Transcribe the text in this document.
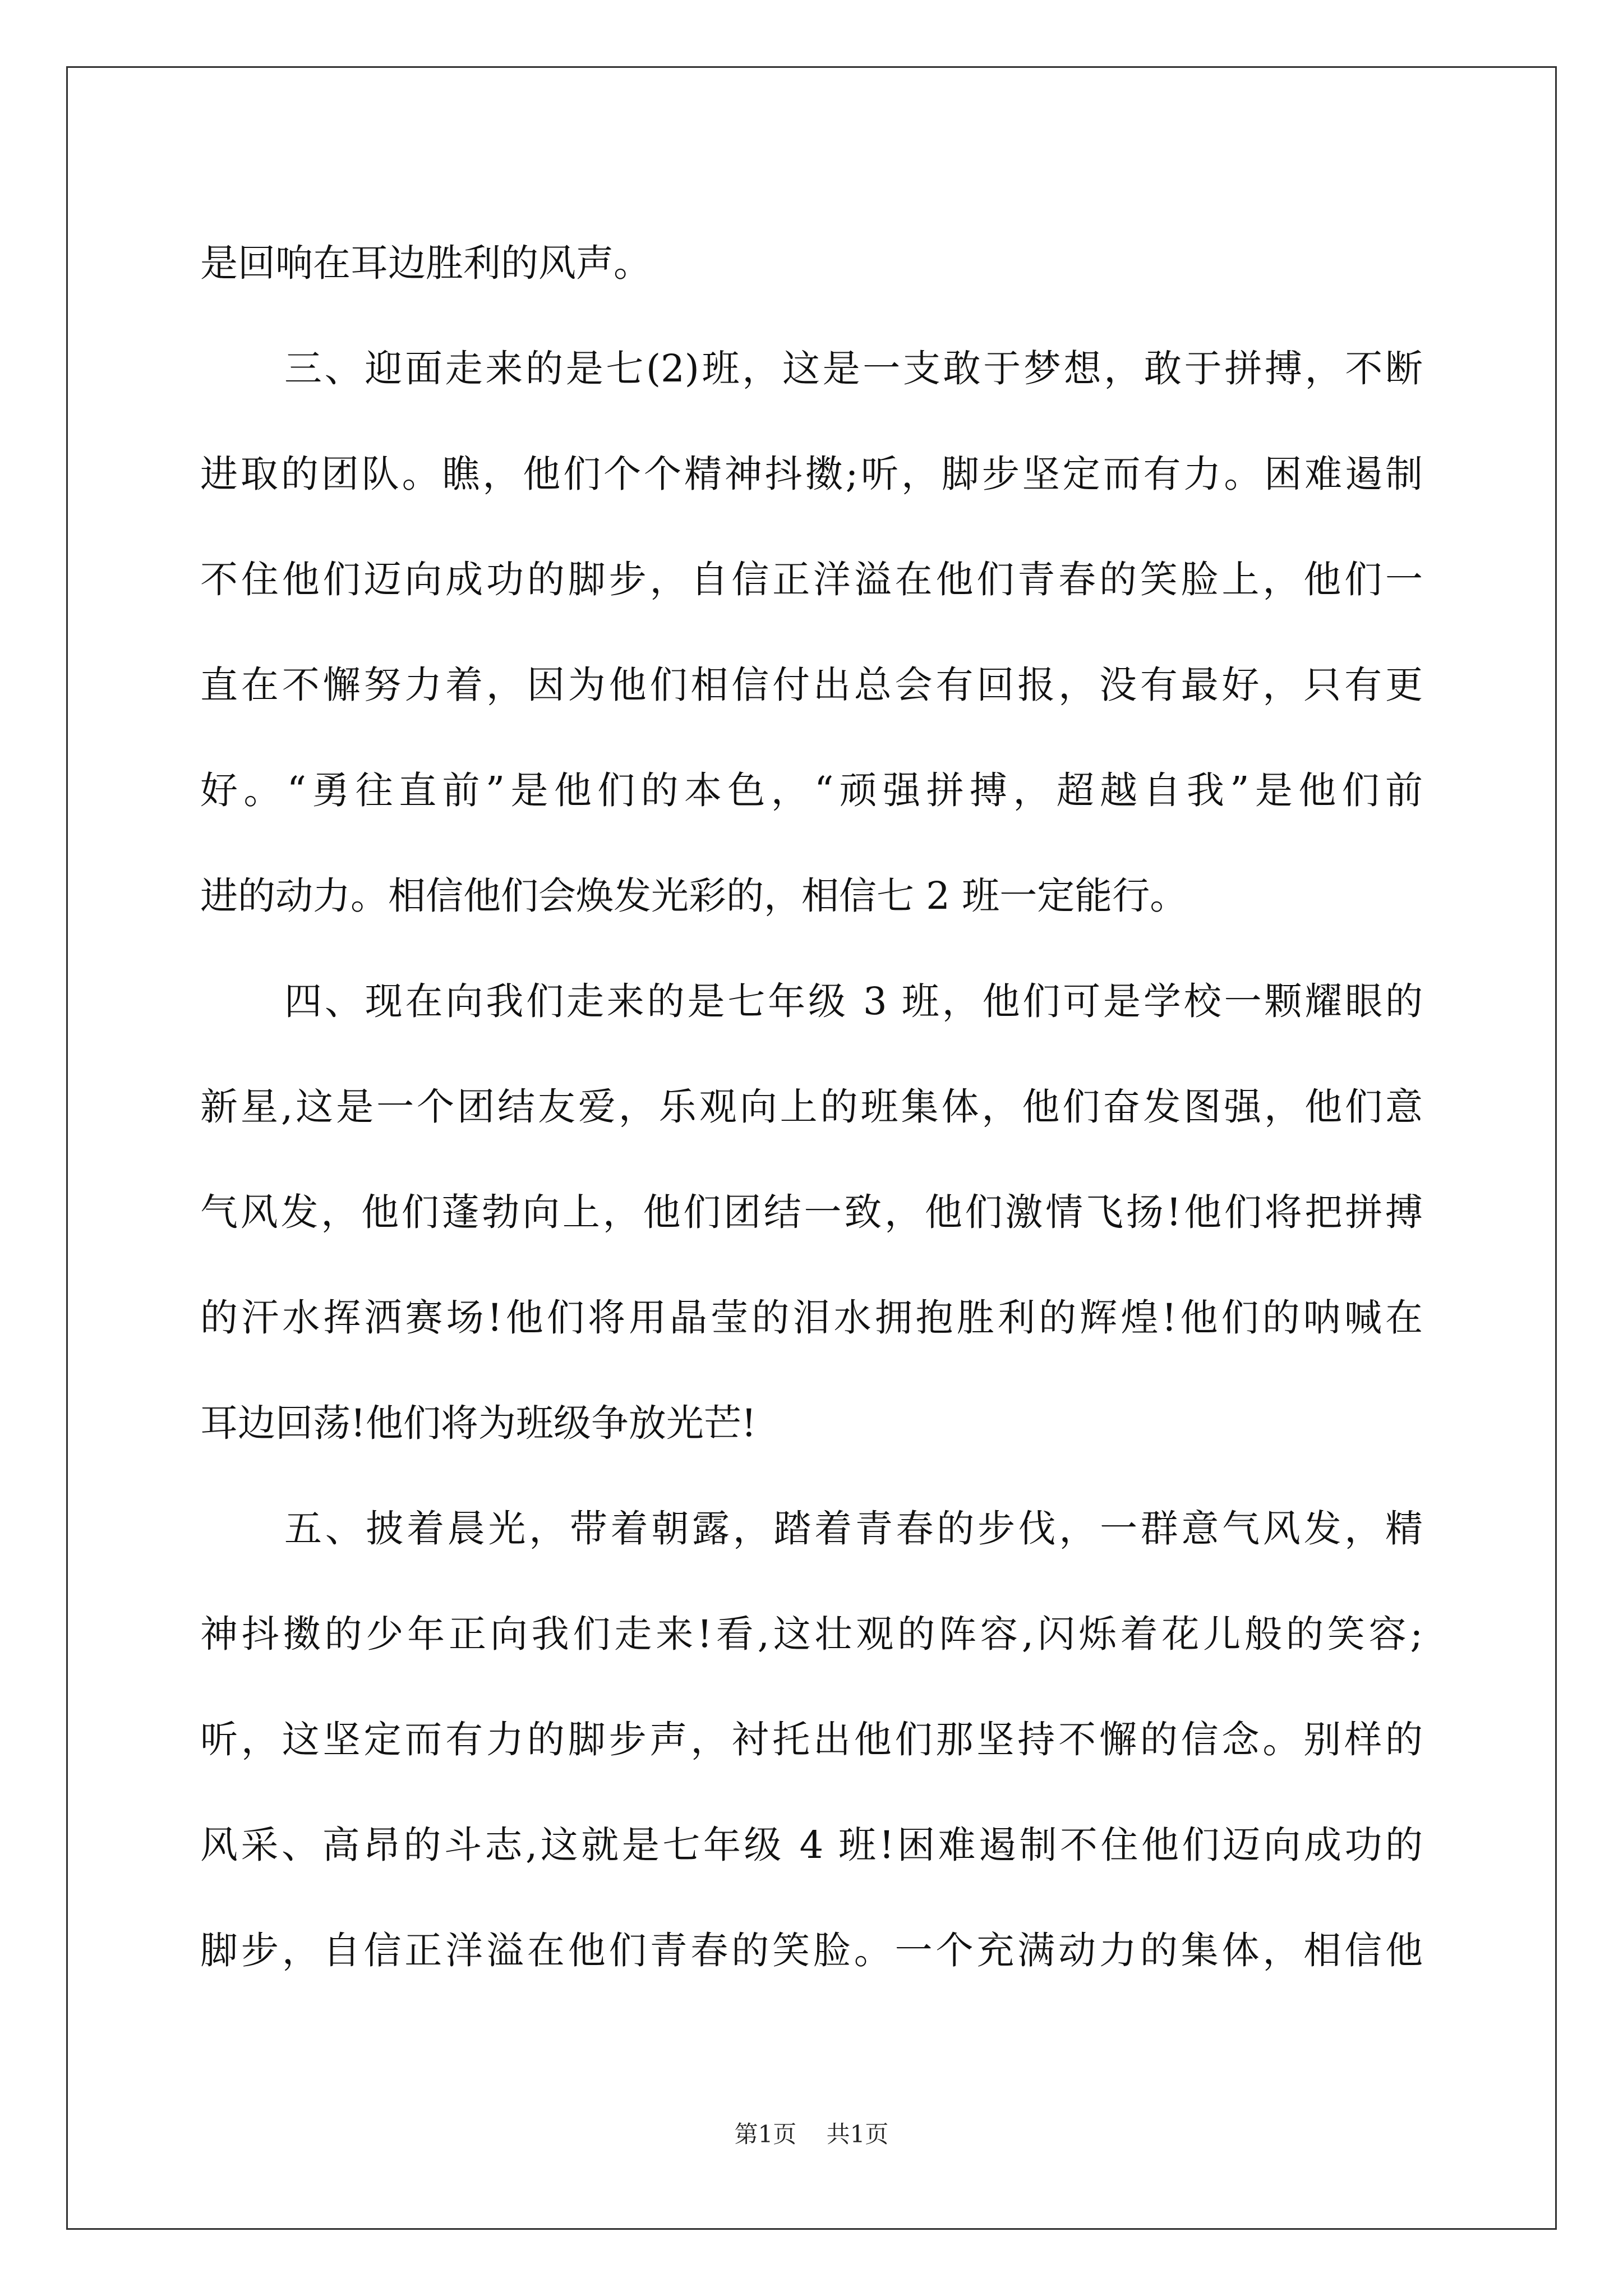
是回响在耳边胜利的风声。
三、迎面走来的是七(2)班，这是一支敢于梦想，敢于拼搏，不断
进取的团队。瞧，他们个个精神抖擞;听，脚步坚定而有力。困难遏制
不住他们迈向成功的脚步，自信正洋溢在他们青春的笑脸上，他们一
直在不懈努力着，因为他们相信付出总会有回报，没有最好，只有更
好。“勇往直前”是他们的本色，“顽强拼搏，超越自我”是他们前
进的动力。相信他们会焕发光彩的，相信七 2 班一定能行。
四、现在向我们走来的是七年级 3 班，他们可是学校一颗耀眼的
新星,这是一个团结友爱，乐观向上的班集体，他们奋发图强，他们意
气风发，他们蓬勃向上，他们团结一致，他们激情飞扬!他们将把拼搏
的汗水挥洒赛场!他们将用晶莹的泪水拥抱胜利的辉煌!他们的呐喊在
耳边回荡!他们将为班级争放光芒!
五、披着晨光，带着朝露，踏着青春的步伐，一群意气风发，精
神抖擞的少年正向我们走来!看,这壮观的阵容,闪烁着花儿般的笑容;
听，这坚定而有力的脚步声，衬托出他们那坚持不懈的信念。别样的
风采、高昂的斗志,这就是七年级 4 班!困难遏制不住他们迈向成功的
脚步，自信正洋溢在他们青春的笑脸。一个充满动力的集体，相信他
第1页    共1页
